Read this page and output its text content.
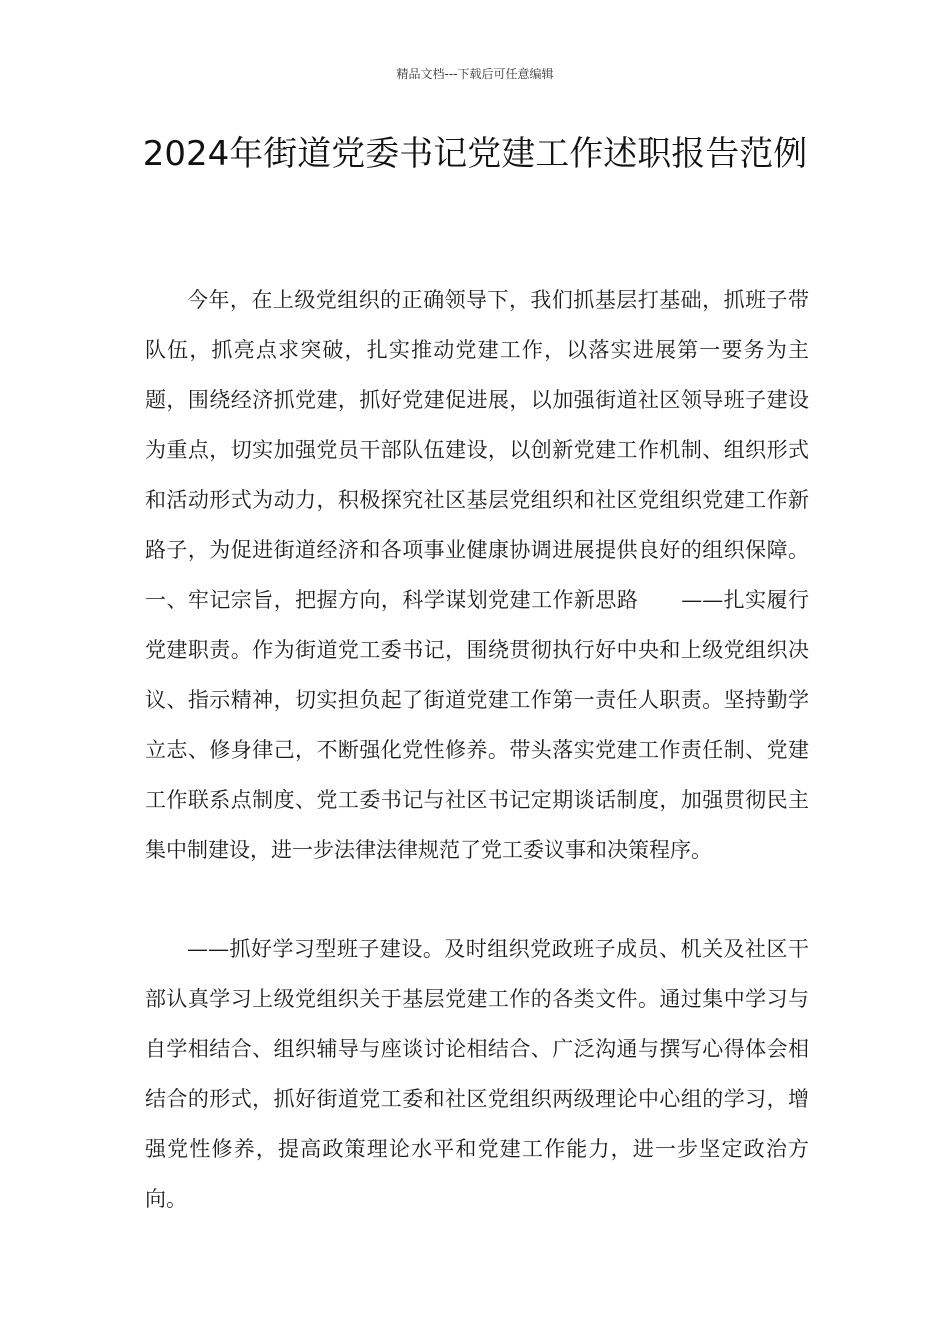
精品文档---下载后可任意编辑
2024年街道党委书记党建工作述职报告范例

今年，在上级党组织的正确领导下，我们抓基层打基础，抓班子带队伍，抓亮点求突破，扎实推动党建工作，以落实进展第一要务为主题，围绕经济抓党建，抓好党建促进展，以加强街道社区领导班子建设为重点，切实加强党员干部队伍建设，以创新党建工作机制、组织形式和活动形式为动力，积极探究社区基层党组织和社区党组织党建工作新路子，为促进街道经济和各项事业健康协调进展提供良好的组织保障。一、牢记宗旨，把握方向，科学谋划党建工作新思路　　——扎实履行党建职责。作为街道党工委书记，围绕贯彻执行好中央和上级党组织决议、指示精神，切实担负起了街道党建工作第一责任人职责。坚持勤学立志、修身律己，不断强化党性修养。带头落实党建工作责任制、党建工作联系点制度、党工委书记与社区书记定期谈话制度，加强贯彻民主集中制建设，进一步法律法律规范了党工委议事和决策程序。

——抓好学习型班子建设。及时组织党政班子成员、机关及社区干部认真学习上级党组织关于基层党建工作的各类文件。通过集中学习与自学相结合、组织辅导与座谈讨论相结合、广泛沟通与撰写心得体会相结合的形式，抓好街道党工委和社区党组织两级理论中心组的学习，增强党性修养，提高政策理论水平和党建工作能力，进一步坚定政治方向。
